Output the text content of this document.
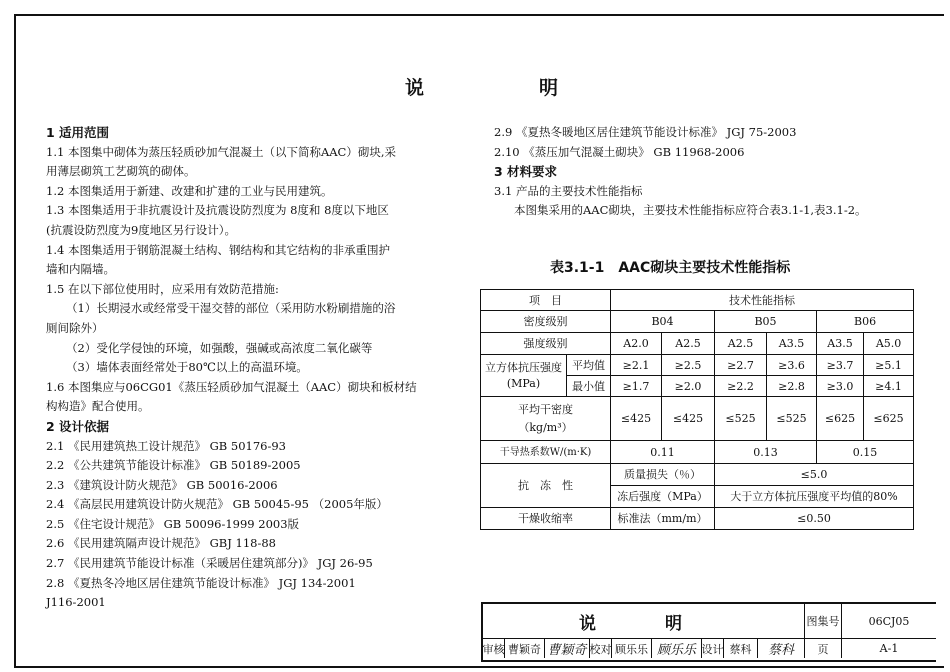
说　明

1 适用范围

1.1 本图集中砌体为蒸压轻质砂加气混凝土（以下简称AAC）砌块,采

用薄层砌筑工艺砌筑的砌体。

1.2 本图集适用于新建、改建和扩建的工业与民用建筑。

1.3 本图集适用于非抗震设计及抗震设防烈度为 8度和 8度以下地区

(抗震设防烈度为9度地区另行设计）。

1.4 本图集适用于钢筋混凝土结构、钢结构和其它结构的非承重围护

墙和内隔墙。

1.5 在以下部位使用时，应采用有效防范措施:

（1）长期浸水或经常受干湿交替的部位（采用防水粉刷措施的浴

厕间除外）

（2）受化学侵蚀的环境，如强酸，强碱或高浓度二氧化碳等

（3）墙体表面经常处于80℃以上的高温环境。

1.6 本图集应与06CG01《蒸压轻质砂加气混凝土（AAC）砌块和板材结

构构造》配合使用。

2 设计依据

2.1 《民用建筑热工设计规范》 GB 50176-93

2.2 《公共建筑节能设计标准》 GB 50189-2005

2.3 《建筑设计防火规范》 GB 50016-2006

2.4 《高层民用建筑设计防火规范》 GB 50045-95 （2005年版）

2.5 《住宅设计规范》 GB 50096-1999 2003版

2.6 《民用建筑隔声设计规范》 GBJ 118-88

2.7 《民用建筑节能设计标准（采暖居住建筑部分)》 JGJ 26-95

2.8 《夏热冬冷地区居住建筑节能设计标准》 JGJ 134-2001

J116-2001

2.9 《夏热冬暖地区居住建筑节能设计标准》 JGJ 75-2003

2.10 《蒸压加气混凝土砌块》 GB 11968-2006

3 材料要求

3.1 产品的主要技术性能指标

本图集采用的AAC砌块，主要技术性能指标应符合表3.1-1,表3.1-2。

表3.1-1　AAC砌块主要技术性能指标
项　目		技术性能指标					
密度级别		B04		B05		B06	
强度级别		A2.0	A2.5	A2.5	A3.5	A3.5	A5.0
立方体抗压强度
(MPa)	平均值	≥2.1	≥2.5	≥2.7	≥3.6	≥3.7	≥5.1
	最小值	≥1.7	≥2.0	≥2.2	≥2.8	≥3.0	≥4.1
平均干密度
（kg/m³）		≤425	≤425	≤525	≤525	≤625	≤625
干导热系数W/(m·K)		0.11		0.13		0.15	
抗　冻　性		质量损失（％）		≤5.0			
		冻后强度（MPa）		大于立方体抗压强度平均值的80%			
干燥收缩率		标准法（mm/m）		≤0.50			
说　明	图集号	06CJ05
审核 曹颖奇 曹颖奇 校对 顾乐乐 顾乐乐 设计 蔡科	蔡科	页	A-1
